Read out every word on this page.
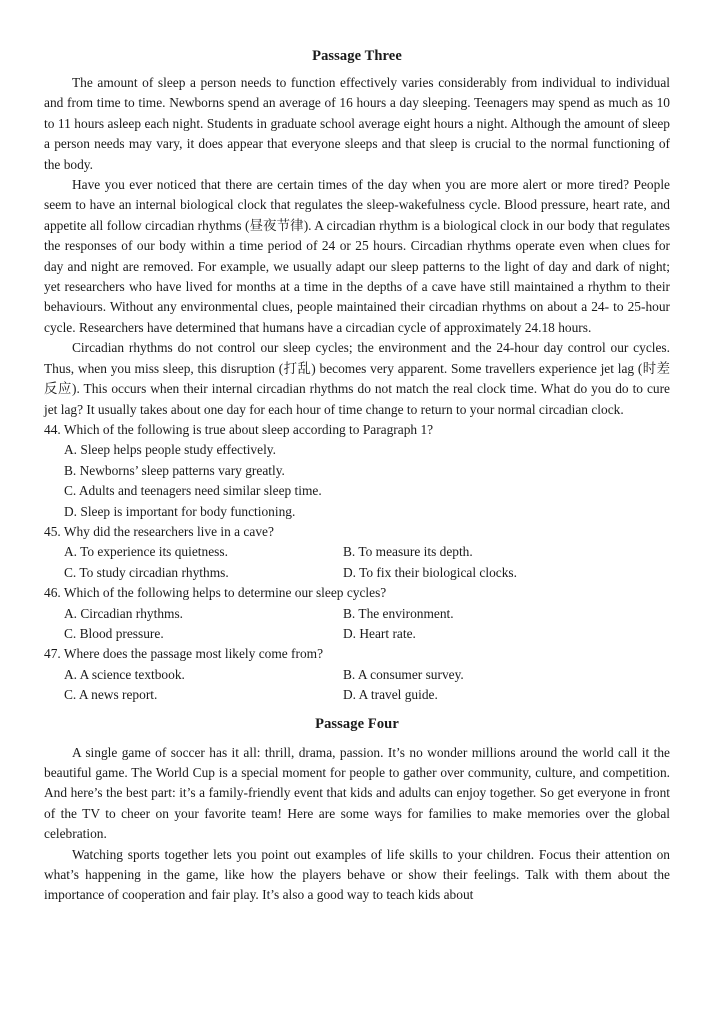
Passage Three

The amount of sleep a person needs to function effectively varies considerably from individual to individual and from time to time. Newborns spend an average of 16 hours a day sleeping. Teenagers may spend as much as 10 to 11 hours asleep each night. Students in graduate school average eight hours a night. Although the amount of sleep a person needs may vary, it does appear that everyone sleeps and that sleep is crucial to the normal functioning of the body.

Have you ever noticed that there are certain times of the day when you are more alert or more tired? People seem to have an internal biological clock that regulates the sleep-wakefulness cycle. Blood pressure, heart rate, and appetite all follow circadian rhythms (昼夜节律). A circadian rhythm is a biological clock in our body that regulates the responses of our body within a time period of 24 or 25 hours. Circadian rhythms operate even when clues for day and night are removed. For example, we usually adapt our sleep patterns to the light of day and dark of night; yet researchers who have lived for months at a time in the depths of a cave have still maintained a rhythm to their behaviours. Without any environmental clues, people maintained their circadian rhythms on about a 24- to 25-hour cycle. Researchers have determined that humans have a circadian cycle of approximately 24.18 hours.

Circadian rhythms do not control our sleep cycles; the environment and the 24-hour day control our cycles. Thus, when you miss sleep, this disruption (打乱) becomes very apparent. Some travellers experience jet lag (时差反应). This occurs when their internal circadian rhythms do not match the real clock time. What do you do to cure jet lag? It usually takes about one day for each hour of time change to return to your normal circadian clock.

44. Which of the following is true about sleep according to Paragraph 1?
A. Sleep helps people study effectively.
B. Newborns’ sleep patterns vary greatly.
C. Adults and teenagers need similar sleep time.
D. Sleep is important for body functioning.
45. Why did the researchers live in a cave?
A. To experience its quietness.	B. To measure its depth.
C. To study circadian rhythms.	D. To fix their biological clocks.
46. Which of the following helps to determine our sleep cycles?
A. Circadian rhythms.	B. The environment.
C. Blood pressure.	D. Heart rate.
47. Where does the passage most likely come from?
A. A science textbook.	B. A consumer survey.
C. A news report.	D. A travel guide.
Passage Four

A single game of soccer has it all: thrill, drama, passion. It’s no wonder millions around the world call it the beautiful game. The World Cup is a special moment for people to gather over community, culture, and competition. And here’s the best part: it’s a family-friendly event that kids and adults can enjoy together. So get everyone in front of the TV to cheer on your favorite team! Here are some ways for families to make memories over the global celebration.

Watching sports together lets you point out examples of life skills to your children. Focus their attention on what’s happening in the game, like how the players behave or show their feelings. Talk with them about the importance of cooperation and fair play. It’s also a good way to teach kids about
